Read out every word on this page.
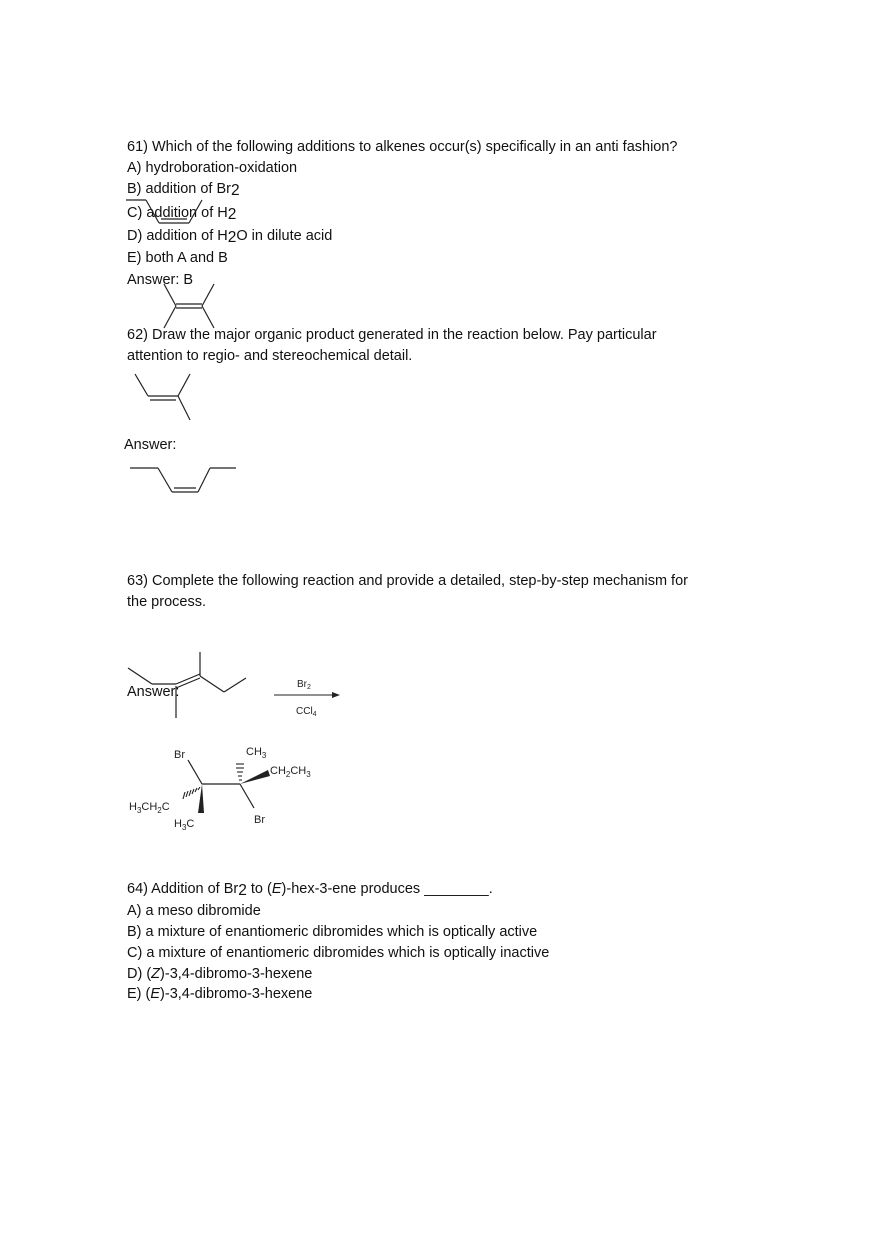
61) Which of the following additions to alkenes occur(s) specifically in an anti fashion?
A) hydroboration-oxidation
B) addition of Br2
C) addition of H2
D) addition of H2O in dilute acid
E) both A and B
Answer: B
62) Draw the major organic product generated in the reaction below. Pay particular
attention to regio- and stereochemical detail.
Answer:
63) Complete the following reaction and provide a detailed, step-by-step mechanism for
the process.
Answer:	$Br_2$
CCl$_4$
Br	$CH_3$
$CH_2CH_3$
$H_3CH_2C$
$H_3C$	Br
64) Addition of Br2 to (E)-hex-3-ene produces ________.
A) a meso dibromide
B) a mixture of enantiomeric dibromides which is optically active
C) a mixture of enantiomeric dibromides which is optically inactive
D) (Z)-3,4-dibromo-3-hexene
E) (E)-3,4-dibromo-3-hexene
